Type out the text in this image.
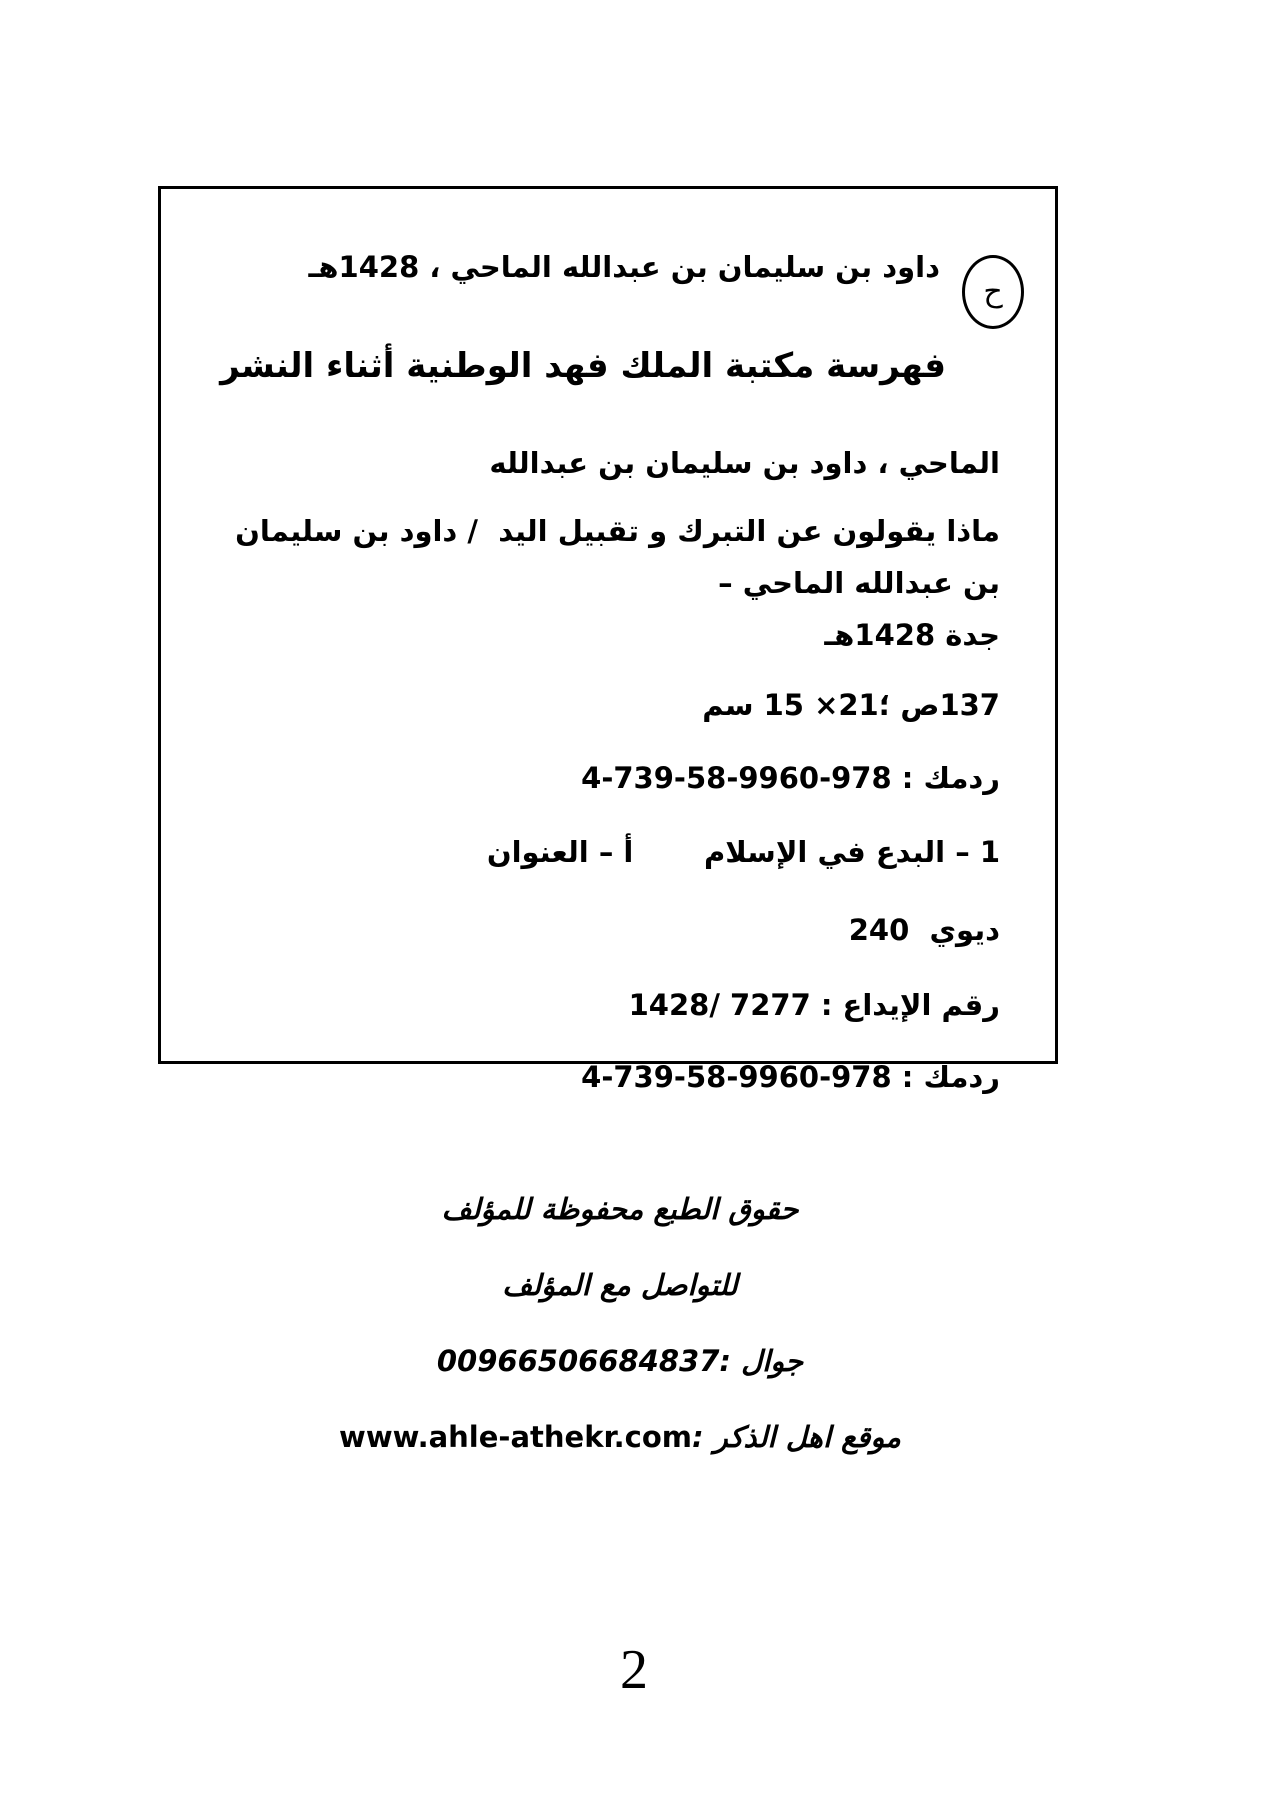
ح
داود بن سليمان بن عبدالله الماحي ، 1428هـ
فهرسة مكتبة الملك فهد الوطنية أثناء النشر
الماحي ، داود بن سليمان بن عبدالله
ماذا يقولون عن التبرك و تقبيل اليد  / داود بن سليمان بن عبدالله الماحي –
جدة 1428هـ
137ص ؛21× 15 سم
ردمك : 978-9960-58-739-4
1 – البدع في الإسلام       أ – العنوان
ديوي  240
رقم الإيداع : 7277 /1428
ردمك : 978-9960-58-739-4
حقوق الطبع محفوظة للمؤلف
للتواصل مع المؤلف
جوال :00966506684837
موقع اهل الذكر :www.ahle-athekr.com
2
